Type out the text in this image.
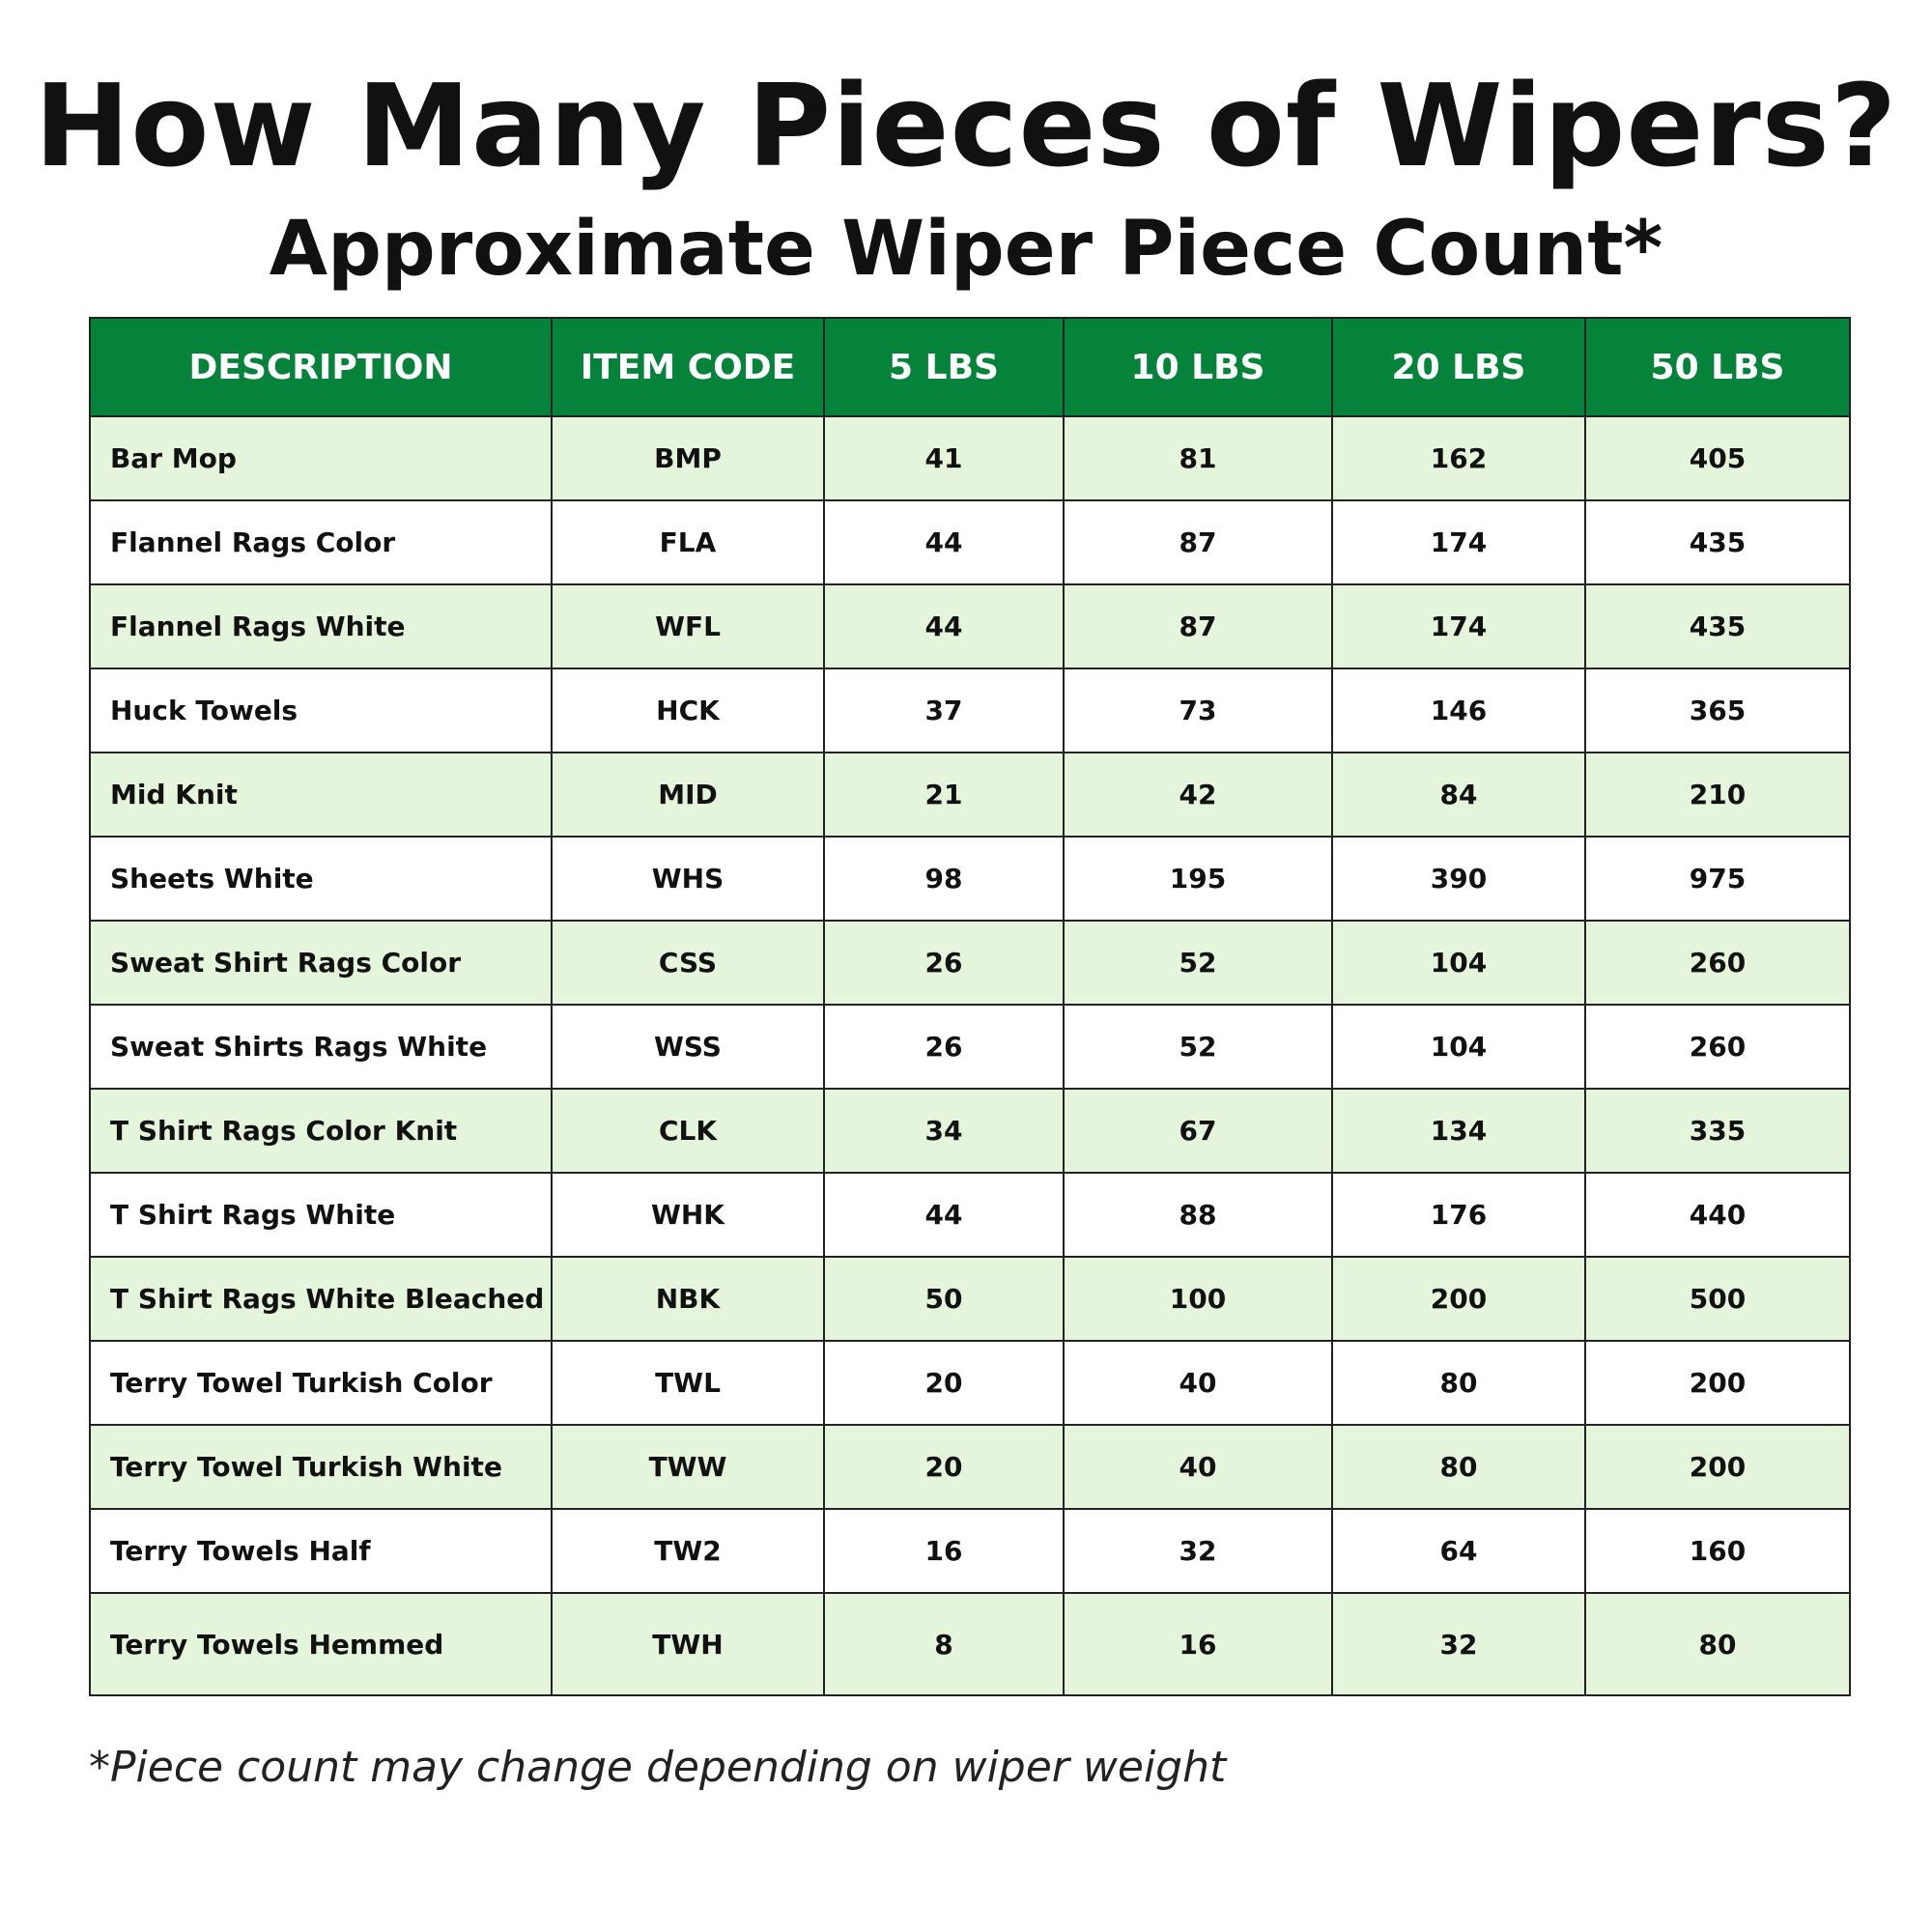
How Many Pieces of Wipers?
Approximate Wiper Piece Count*
DESCRIPTION	ITEM CODE	5 LBS	10 LBS	20 LBS	50 LBS
Bar Mop	BMP	41	81	162	405
Flannel Rags Color	FLA	44	87	174	435
Flannel Rags White	WFL	44	87	174	435
Huck Towels	HCK	37	73	146	365
Mid Knit	MID	21	42	84	210
Sheets White	WHS	98	195	390	975
Sweat Shirt Rags Color	CSS	26	52	104	260
Sweat Shirts Rags White	WSS	26	52	104	260
T Shirt Rags Color Knit	CLK	34	67	134	335
T Shirt Rags White	WHK	44	88	176	440
T Shirt Rags White Bleached	NBK	50	100	200	500
Terry Towel Turkish Color	TWL	20	40	80	200
Terry Towel Turkish White	TWW	20	40	80	200
Terry Towels Half	TW2	16	32	64	160
Terry Towels Hemmed	TWH	8	16	32	80

*Piece count may change depending on wiper weight
